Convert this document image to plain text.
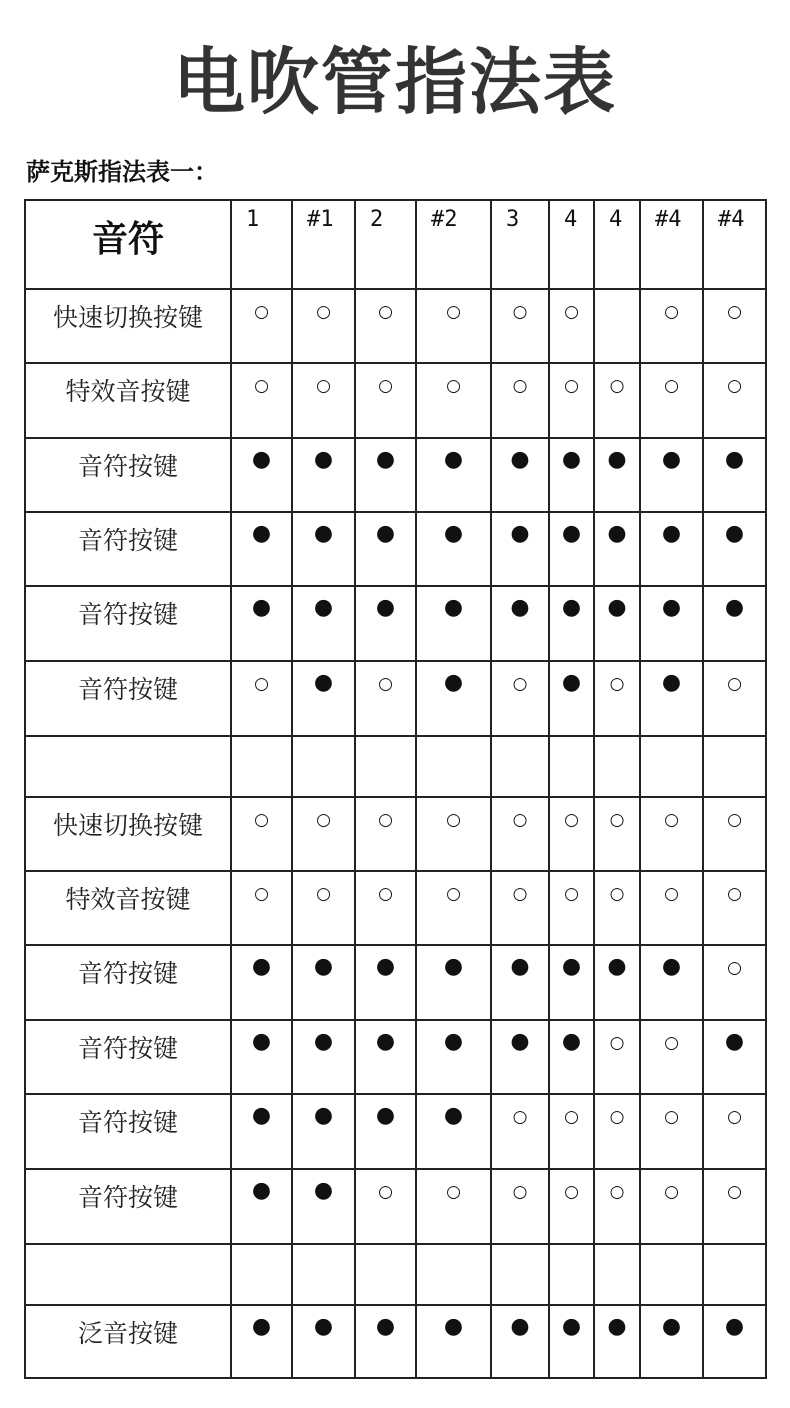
电吹管指法表
萨克斯指法表一：
音符	1	#1	2	#2	3	4	4	#4	#4
快速切换按键	○	○	○	○	○	○		○	○
特效音按键	○	○	○	○	○	○	○	○	○
音符按键	●	●	●	●	●	●	●	●	●
音符按键	●	●	●	●	●	●	●	●	●
音符按键	●	●	●	●	●	●	●	●	●
音符按键	○	●	○	●	○	●	○	●	○

快速切换按键	○	○	○	○	○	○	○	○	○
特效音按键	○	○	○	○	○	○	○	○	○
音符按键	●	●	●	●	●	●	●	●	○
音符按键	●	●	●	●	●	●	○	○	●
音符按键	●	●	●	●	○	○	○	○	○
音符按键	●	●	○	○	○	○	○	○	○

泛音按键	●	●	●	●	●	●	●	●	●
